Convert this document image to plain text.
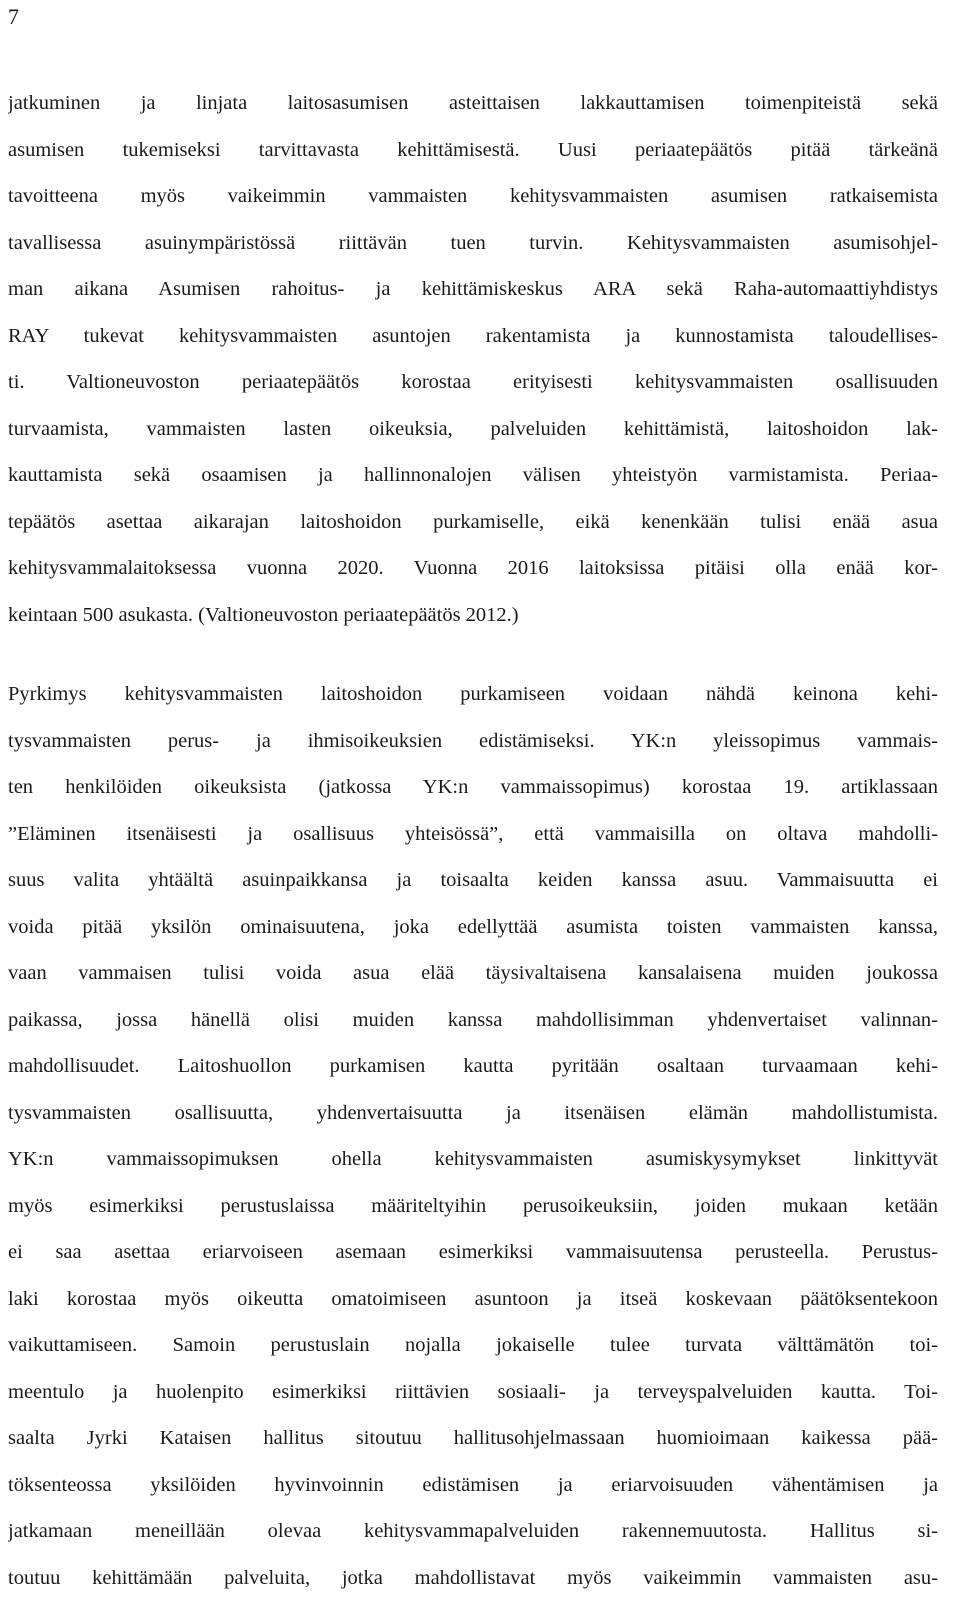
7
jatkuminen ja linjata laitosasumisen asteittaisen lakkauttamisen toimenpiteistä sekä
asumisen tukemiseksi tarvittavasta kehittämisestä. Uusi periaatepäätös pitää tärkeänä
tavoitteena myös vaikeimmin vammaisten kehitysvammaisten asumisen ratkaisemista
tavallisessa asuinympäristössä riittävän tuen turvin. Kehitysvammaisten asumisohjel-
man aikana Asumisen rahoitus- ja kehittämiskeskus ARA sekä Raha-automaattiyhdistys
RAY tukevat kehitysvammaisten asuntojen rakentamista ja kunnostamista taloudellises-
ti. Valtioneuvoston periaatepäätös korostaa erityisesti kehitysvammaisten osallisuuden
turvaamista, vammaisten lasten oikeuksia, palveluiden kehittämistä, laitoshoidon lak-
kauttamista sekä osaamisen ja hallinnonalojen välisen yhteistyön varmistamista. Periaa-
tepäätös asettaa aikarajan laitoshoidon purkamiselle, eikä kenenkään tulisi enää asua
kehitysvammalaitoksessa vuonna 2020. Vuonna 2016 laitoksissa pitäisi olla enää kor-
keintaan 500 asukasta. (Valtioneuvoston periaatepäätös 2012.)
Pyrkimys kehitysvammaisten laitoshoidon purkamiseen voidaan nähdä keinona kehi-
tysvammaisten perus- ja ihmisoikeuksien edistämiseksi. YK:n yleissopimus vammais-
ten henkilöiden oikeuksista (jatkossa YK:n vammaissopimus) korostaa 19. artiklassaan
”Eläminen itsenäisesti ja osallisuus yhteisössä”, että vammaisilla on oltava mahdolli-
suus valita yhtäältä asuinpaikkansa ja toisaalta keiden kanssa asuu. Vammaisuutta ei
voida pitää yksilön ominaisuutena, joka edellyttää asumista toisten vammaisten kanssa,
vaan vammaisen tulisi voida asua elää täysivaltaisena kansalaisena muiden joukossa
paikassa, jossa hänellä olisi muiden kanssa mahdollisimman yhdenvertaiset valinnan-
mahdollisuudet. Laitoshuollon purkamisen kautta pyritään osaltaan turvaamaan kehi-
tysvammaisten osallisuutta, yhdenvertaisuutta ja itsenäisen elämän mahdollistumista.
YK:n vammaissopimuksen ohella kehitysvammaisten asumiskysymykset linkittyvät
myös esimerkiksi perustuslaissa määriteltyihin perusoikeuksiin, joiden mukaan ketään
ei saa asettaa eriarvoiseen asemaan esimerkiksi vammaisuutensa perusteella. Perustus-
laki korostaa myös oikeutta omatoimiseen asuntoon ja itseä koskevaan päätöksentekoon
vaikuttamiseen. Samoin perustuslain nojalla jokaiselle tulee turvata välttämätön toi-
meentulo ja huolenpito esimerkiksi riittävien sosiaali- ja terveyspalveluiden kautta. Toi-
saalta Jyrki Kataisen hallitus sitoutuu hallitusohjelmassaan huomioimaan kaikessa pää-
töksenteossa yksilöiden hyvinvoinnin edistämisen ja eriarvoisuuden vähentämisen ja
jatkamaan meneillään olevaa kehitysvammapalveluiden rakennemuutosta. Hallitus si-
toutuu kehittämään palveluita, jotka mahdollistavat myös vaikeimmin vammaisten asu-
